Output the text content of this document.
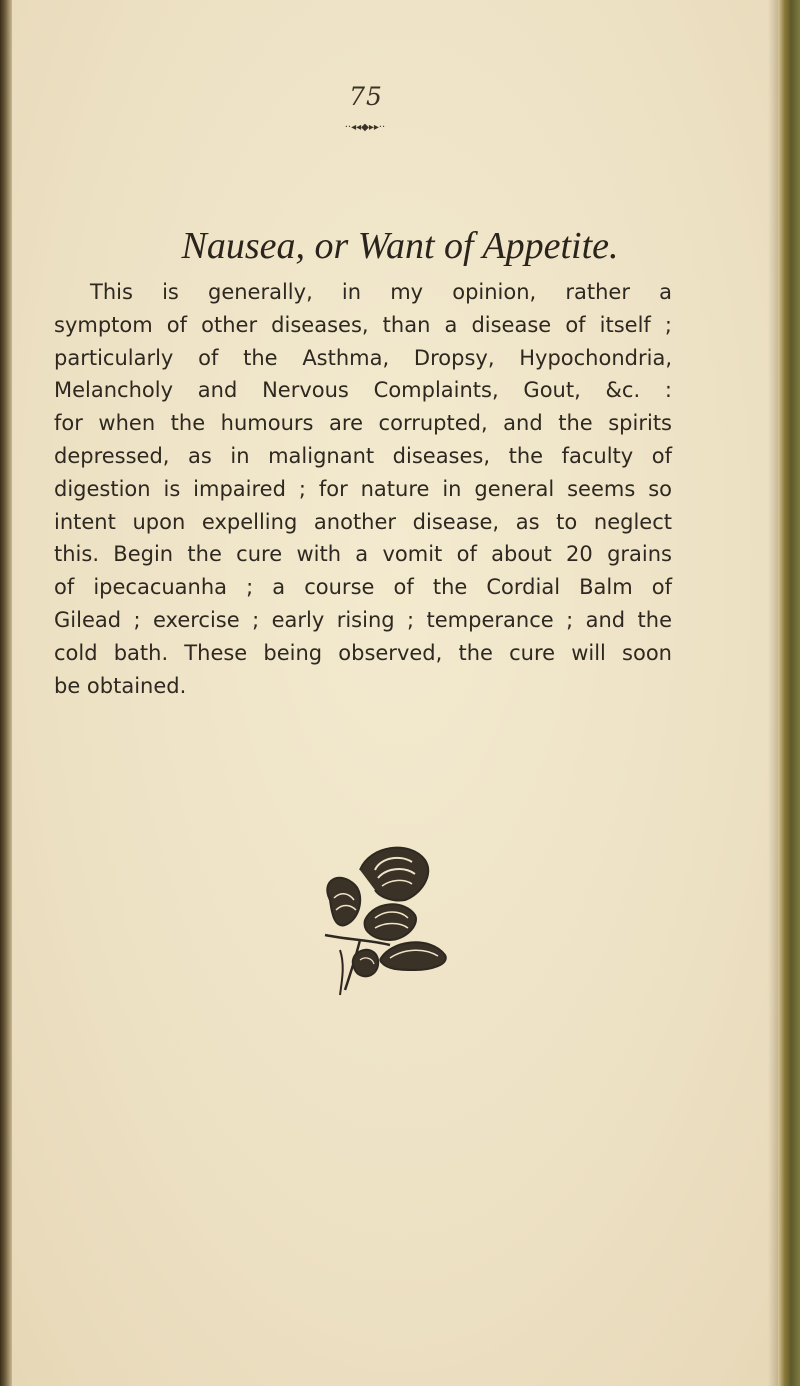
75
··◂◂◆▸▸··
Nausea, or Want of Appetite.
This is generally, in my opinion, rather a
symptom of other diseases, than a disease of itself ;
particularly of the Asthma, Dropsy, Hypochondria,
Melancholy and Nervous Complaints, Gout, &c. :
for when the humours are corrupted, and the spirits
depressed, as in malignant diseases, the faculty of
digestion is impaired ; for nature in general seems so
intent upon expelling another disease, as to neglect
this. Begin the cure with a vomit of about 20 grains
of ipecacuanha ; a course of the Cordial Balm of
Gilead ; exercise ; early rising ; temperance ; and the
cold bath. These being observed, the cure will soon
be obtained.
